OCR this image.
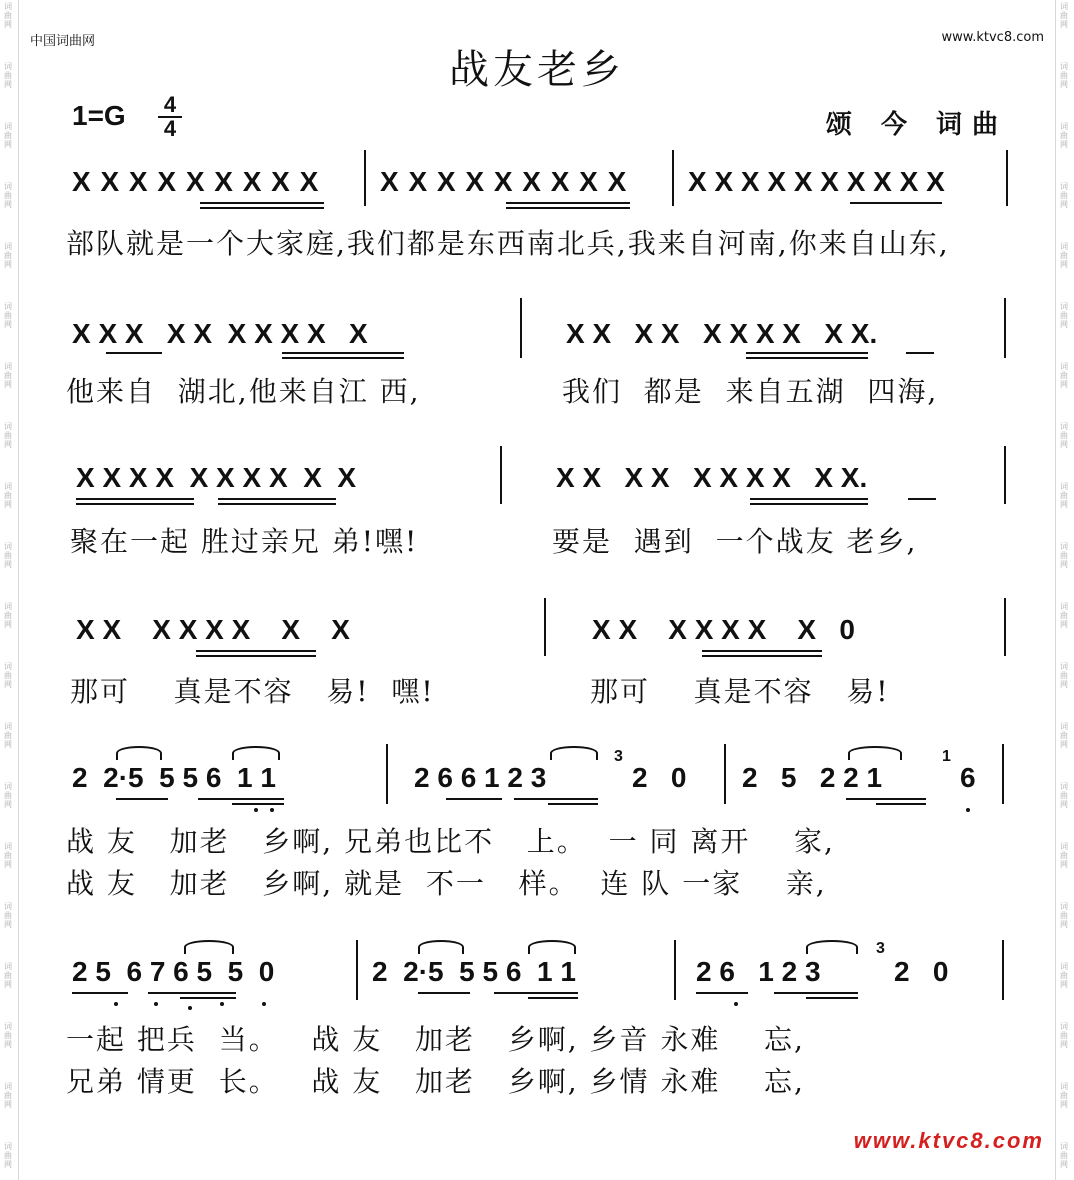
词曲网
词曲网
词曲网
词曲网
词曲网
词曲网
词曲网
词曲网
词曲网
词曲网
词曲网
词曲网
词曲网
词曲网
词曲网
词曲网
词曲网
词曲网
词曲网
词曲网
词曲网
词曲网
词曲网
词曲网
词曲网
词曲网
词曲网
词曲网
词曲网
词曲网
词曲网
词曲网
词曲网
词曲网
词曲网
词曲网
词曲网
词曲网
词曲网
词曲网
中国词曲网	www.ktvc8.com
战友老乡
$1=G \frac{4}{4}$	颂 今 词曲
X X X X X X X X X X X X X X X X X X X X X X X X X X X X
部队就是一个大家庭,我们都是东西南北兵,我来自河南,你来自山东,
X X X   X X  X X X X   X	X X   X X   X X X X   X X.
他来自  湖北,他来自江 西,	我们  都是  来自五湖  四海,
X X X X  X X X X  X  X	X X   X X   X X X X   X X.
聚在一起 胜过亲兄 弟!嘿!	要是  遇到  一个战友 老乡,
X X    X X X X    X    X	X X    X X X X    X   0
那可    真是不容   易!  嘿!	那可    真是不容   易!
2  2·5  5 5 6  1 1	2 6 6 1 2 3
3
2   0 2   5   2 2 1
1
6
战 友   加老   乡啊, 兄弟也比不   上。  一 同 离开    家,
战 友   加老   乡啊, 就是  不一   样。  连 队 一家    亲,
2 5  6 7 6 5  5  0	2  2·5  5 5 6  1 1	2 6   1 2 3
3
2   0
一起 把兵  当。   战 友   加老   乡啊, 乡音 永难    忘,
兄弟 情更  长。   战 友   加老   乡啊, 乡情 永难    忘,
www.ktvc8.com
